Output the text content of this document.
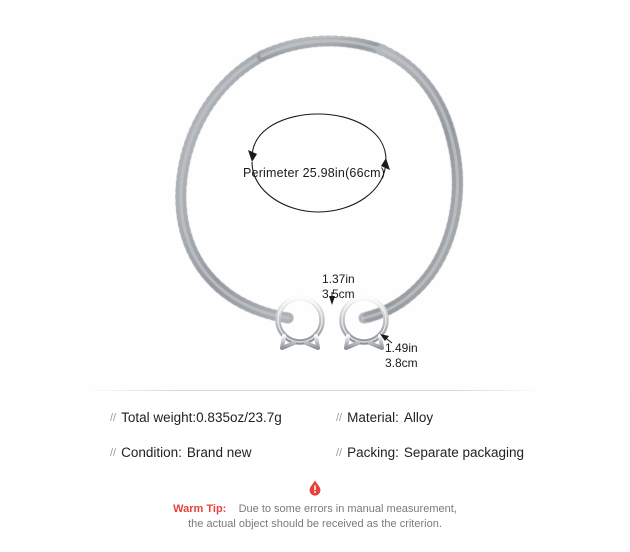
Perimeter 25.98in(66cm)
1.37in
3.5cm
1.49in
3.8cm
// Total weight: 0.835oz/23.7g	// Material: Alloy
// Condition: Brand new	// Packing: Separate packaging
Warm Tip: Due to some errors in manual measurement,
the actual object should be received as the criterion.
